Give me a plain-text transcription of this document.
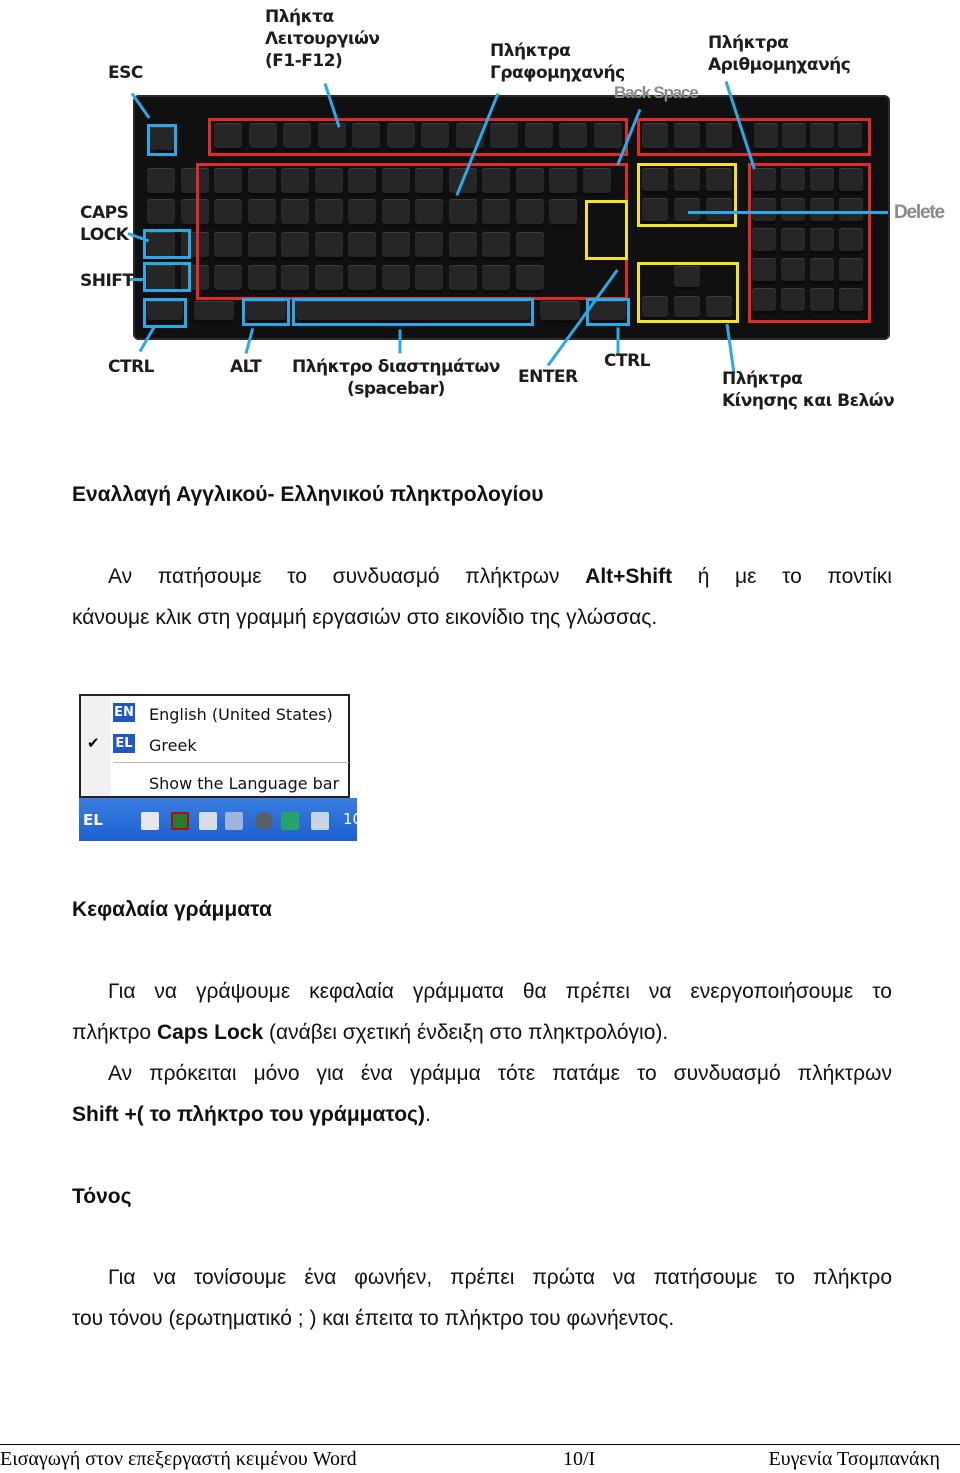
ESC
Πλήκτα
Λειτουργιών
(F1-F12)	Πλήκτρα
Γραφομηχανής
Back Space
Πλήκτρα
Αριθμομηχανής
CAPS
LOCK
SHIFT
Delete
CTRL	ALT Πλήκτρο διαστημάτων
(spacebar)
ENTER
CTRL
Πλήκτρα
Κίνησης και Βελών
Εναλλαγή Αγγλικού- Ελληνικού πληκτρολογίου
Αν πατήσουμε το συνδυασμό πλήκτρων Alt+Shift ή με το ποντίκι
κάνουμε κλικ στη γραμμή εργασιών στο εικονίδιο της γλώσσας.
EN English (United States)
✔ EL Greek
Show the Language bar
EL	10
Κεφαλαία γράμματα
Για να γράψουμε κεφαλαία γράμματα θα πρέπει να ενεργοποιήσουμε το
πλήκτρο Caps Lock (ανάβει σχετική ένδειξη στο πληκτρολόγιο).
Αν πρόκειται μόνο για ένα γράμμα τότε πατάμε το συνδυασμό πλήκτρων
Shift +( το πλήκτρο του γράμματος).
Τόνος
Για να τονίσουμε ένα φωνήεν, πρέπει πρώτα να πατήσουμε το πλήκτρο
του τόνου (ερωτηματικό ; ) και έπειτα το πλήκτρο του φωνήεντος.
Εισαγωγή στον επεξεργαστή κειμένου Word	10/I	Ευγενία Τσομπανάκη
